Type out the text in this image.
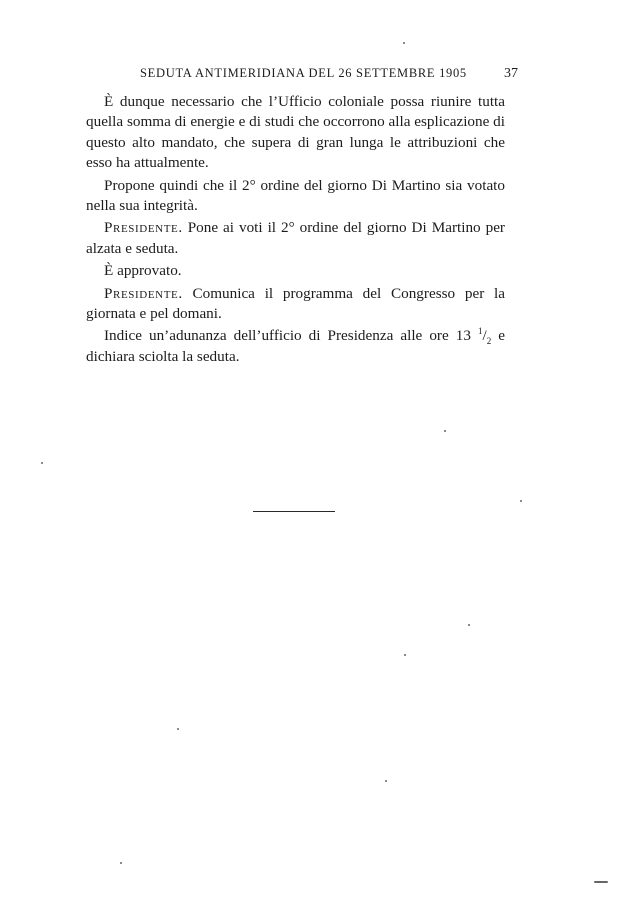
SEDUTA ANTIMERIDIANA DEL 26 SETTEMBRE 1905	37

È dunque necessario che l’Ufficio coloniale possa riunire tutta quella somma di energie e di studi che occorrono alla esplicazione di questo alto mandato, che supera di gran lunga le attribuzioni che esso ha attualmente.

Propone quindi che il 2° ordine del giorno Di Martino sia votato nella sua integrità.

Presidente. Pone ai voti il 2° ordine del giorno Di Martino per alzata e seduta.

È approvato.

Presidente. Comunica il programma del Congresso per la giornata e pel domani.

Indice un’adunanza dell’ufficio di Presidenza alle ore 13 $^1/_2$ e dichiara sciolta la seduta.
